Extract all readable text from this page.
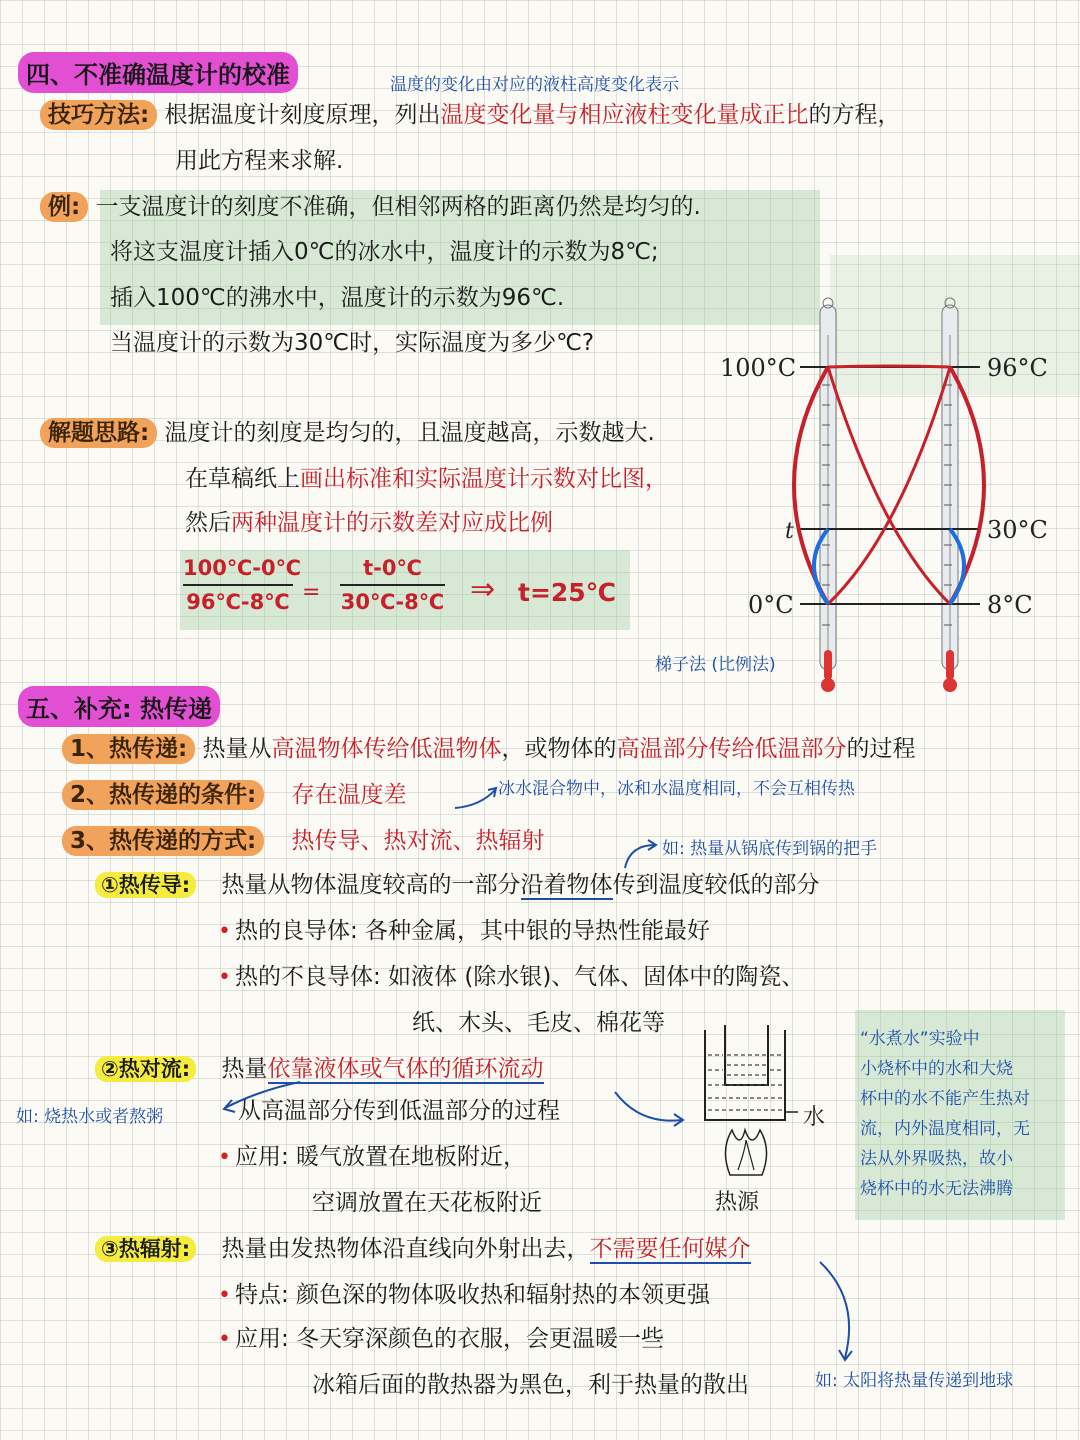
四、不准确温度计的校准	温度的变化由对应的液柱高度变化表示
技巧方法: 根据温度计刻度原理，列出温度变化量与相应液柱变化量成正比的方程，
用此方程来求解.
例: 一支温度计的刻度不准确，但相邻两格的距离仍然是均匀的.
将这支温度计插入0℃的冰水中，温度计的示数为8℃;
插入100℃的沸水中，温度计的示数为96℃.
当温度计的示数为30℃时，实际温度为多少℃?
解题思路: 温度计的刻度是均匀的，且温度越高，示数越大.
在草稿纸上画出标准和实际温度计示数对比图，
然后两种温度计的示数差对应成比例
100℃-0℃
96℃-8℃ =
t-0℃
30℃-8℃ ⇒ t=25℃
100°C
t
0°C
96°C
30°C
8°C
梯子法 (比例法)
五、补充: 热传递
1、热传递: 热量从高温物体传给低温物体，或物体的高温部分传给低温部分的过程
2、热传递的条件: 存在温度差	冰水混合物中，冰和水温度相同，不会互相传热
3、热传递的方式: 热传导、热对流、热辐射	如: 热量从锅底传到锅的把手
①热传导: 热量从物体温度较高的一部分沿着物体传到温度较低的部分
• 热的良导体: 各种金属，其中银的导热性能最好
• 热的不良导体: 如液体 (除水银)、气体、固体中的陶瓷、
纸、木头、毛皮、棉花等
②热对流: 热量依靠液体或气体的循环流动
如: 烧热水或者熬粥	从高温部分传到低温部分的过程
• 应用: 暖气放置在地板附近，
空调放置在天花板附近
水
热源
“水煮水”实验中
小烧杯中的水和大烧
杯中的水不能产生热对
流，内外温度相同，无
法从外界吸热，故小
烧杯中的水无法沸腾
③热辐射: 热量由发热物体沿直线向外射出去，不需要任何媒介
• 特点: 颜色深的物体吸收热和辐射热的本领更强
• 应用: 冬天穿深颜色的衣服，会更温暖一些
冰箱后面的散热器为黑色，利于热量的散出	如: 太阳将热量传递到地球
